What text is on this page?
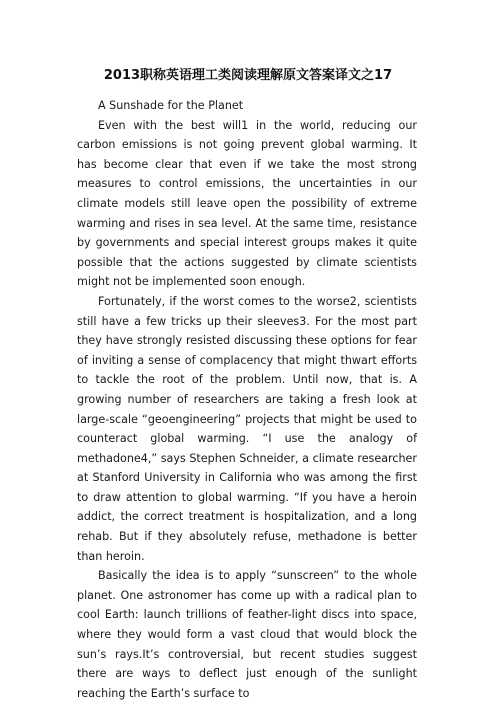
2013职称英语理工类阅读理解原文答案译文之17

A Sunshade for the Planet

Even with the best will1 in the world, reducing our carbon emissions is not going prevent global warming. It has become clear that even if we take the most strong measures to control emissions, the uncertainties in our climate models still leave open the possibility of extreme warming and rises in sea level. At the same time, resistance by governments and special interest groups makes it quite possible that the actions suggested by climate scientists might not be implemented soon enough.

Fortunately, if the worst comes to the worse2, scientists still have a few tricks up their sleeves3. For the most part they have strongly resisted discussing these options for fear of inviting a sense of complacency that might thwart efforts to tackle the root of the problem. Until now, that is. A growing number of researchers are taking a fresh look at large-scale “geoengineering” projects that might be used to counteract global warming. “I use the analogy of methadone4,” says Stephen Schneider, a climate researcher at Stanford University in California who was among the first to draw attention to global warming. “If you have a heroin addict, the correct treatment is hospitalization, and a long rehab. But if they absolutely refuse, methadone is better than heroin.

Basically the idea is to apply “sunscreen” to the whole planet. One astronomer has come up with a radical plan to cool Earth: launch trillions of feather-light discs into space, where they would form a vast cloud that would block the sun’s rays.It’s controversial, but recent studies suggest there are ways to deflect just enough of the sunlight reaching the Earth’s surface to
